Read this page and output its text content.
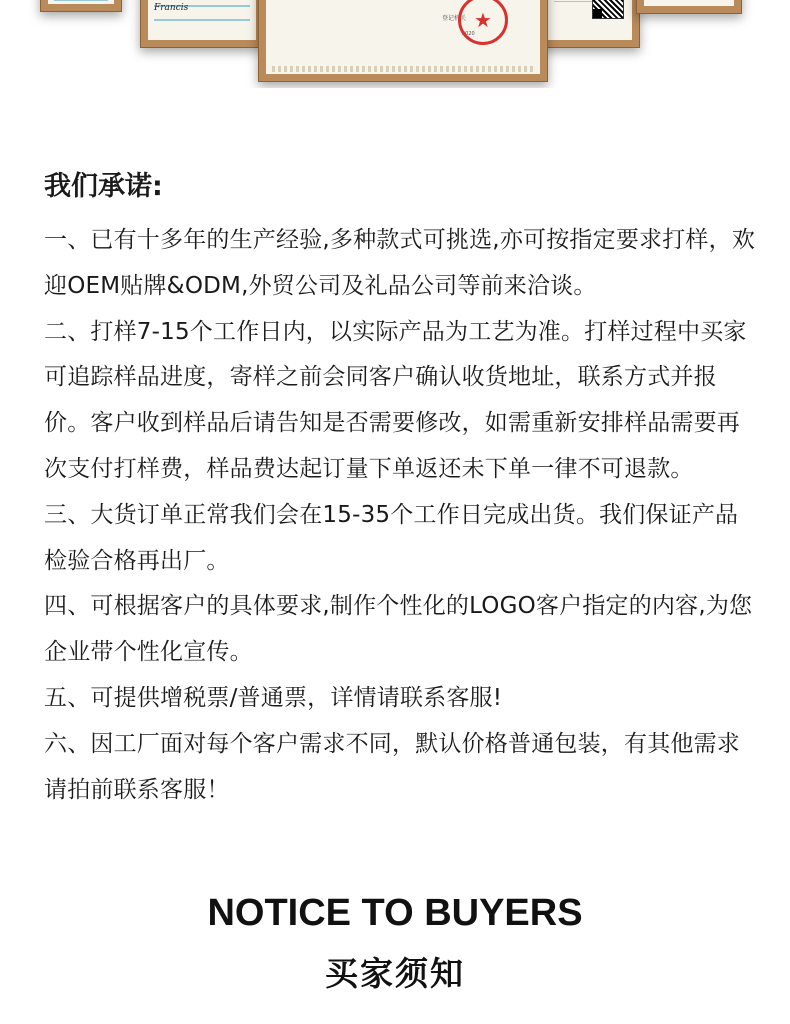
Francis
登记机关
2020
★
我们承诺:
一、已有十多年的生产经验,多种款式可挑选,亦可按指定要求打样，欢迎OEM贴牌&ODM,外贸公司及礼品公司等前来洽谈。
二、打样7-15个工作日内，以实际产品为工艺为准。打样过程中买家可追踪样品进度，寄样之前会同客户确认收货地址，联系方式并报价。客户收到样品后请告知是否需要修改，如需重新安排样品需要再次支付打样费，样品费达起订量下单返还未下单一律不可退款。
三、大货订单正常我们会在15-35个工作日完成出货。我们保证产品检验合格再出厂。
四、可根据客户的具体要求,制作个性化的LOGO客户指定的内容,为您企业带个性化宣传。
五、可提供增税票/普通票，详情请联系客服!
六、因工厂面对每个客户需求不同，默认价格普通包装，有其他需求请拍前联系客服！
NOTICE TO BUYERS
买家须知
